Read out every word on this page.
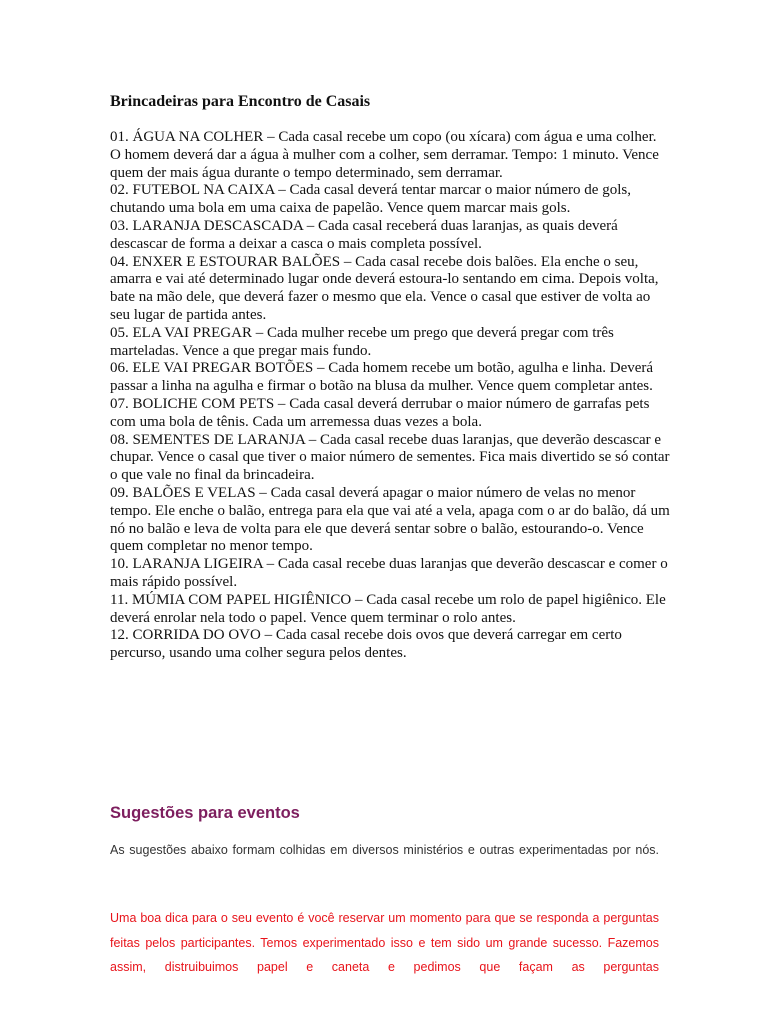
Brincadeiras para Encontro de Casais

01. ÁGUA NA COLHER – Cada casal recebe um copo (ou xícara) com água e uma colher. O homem deverá dar a água à mulher com a colher, sem derramar. Tempo: 1 minuto. Vence quem der mais água durante o tempo determinado, sem derramar.

02. FUTEBOL NA CAIXA – Cada casal deverá tentar marcar o maior número de gols, chutando uma bola em uma caixa de papelão. Vence quem marcar mais gols.

03. LARANJA DESCASCADA – Cada casal receberá duas laranjas, as quais deverá descascar de forma a deixar a casca o mais completa possível.

04. ENXER E ESTOURAR BALÕES – Cada casal recebe dois balões. Ela enche o seu, amarra e vai até determinado lugar onde deverá estoura-lo sentando em cima. Depois volta, bate na mão dele, que deverá fazer o mesmo que ela. Vence o casal que estiver de volta ao seu lugar de partida antes.

05. ELA VAI PREGAR – Cada mulher recebe um prego que deverá pregar com três marteladas. Vence a que pregar mais fundo.

06. ELE VAI PREGAR BOTÕES – Cada homem recebe um botão, agulha e linha. Deverá passar a linha na agulha e firmar o botão na blusa da mulher. Vence quem completar antes.

07. BOLICHE COM PETS – Cada casal deverá derrubar o maior número de garrafas pets com uma bola de tênis. Cada um arremessa duas vezes a bola.

08. SEMENTES DE LARANJA – Cada casal recebe duas laranjas, que deverão descascar e chupar. Vence o casal que tiver o maior número de sementes. Fica mais divertido se só contar o que vale no final da brincadeira.

09. BALÕES E VELAS – Cada casal deverá apagar o maior número de velas no menor tempo. Ele enche o balão, entrega para ela que vai até a vela, apaga com o ar do balão, dá um nó no balão e leva de volta para ele que deverá sentar sobre o balão, estourando-o. Vence quem completar no menor tempo.

10. LARANJA LIGEIRA – Cada casal recebe duas laranjas que deverão descascar e comer o mais rápido possível.

11. MÚMIA COM PAPEL HIGIÊNICO – Cada casal recebe um rolo de papel higiênico. Ele deverá enrolar nela todo o papel. Vence quem terminar o rolo antes.

12. CORRIDA DO OVO – Cada casal recebe dois ovos que deverá carregar em certo percurso, usando uma colher segura pelos dentes.

Sugestões para eventos
As sugestões abaixo formam colhidas em diversos ministérios e outras experimentadas por nós.
Uma boa dica para o seu evento é você reservar um momento para que se responda a perguntas feitas pelos participantes. Temos experimentado isso e tem sido um grande sucesso. Fazemos assim, distruibuimos papel e caneta e pedimos que façam as perguntas
